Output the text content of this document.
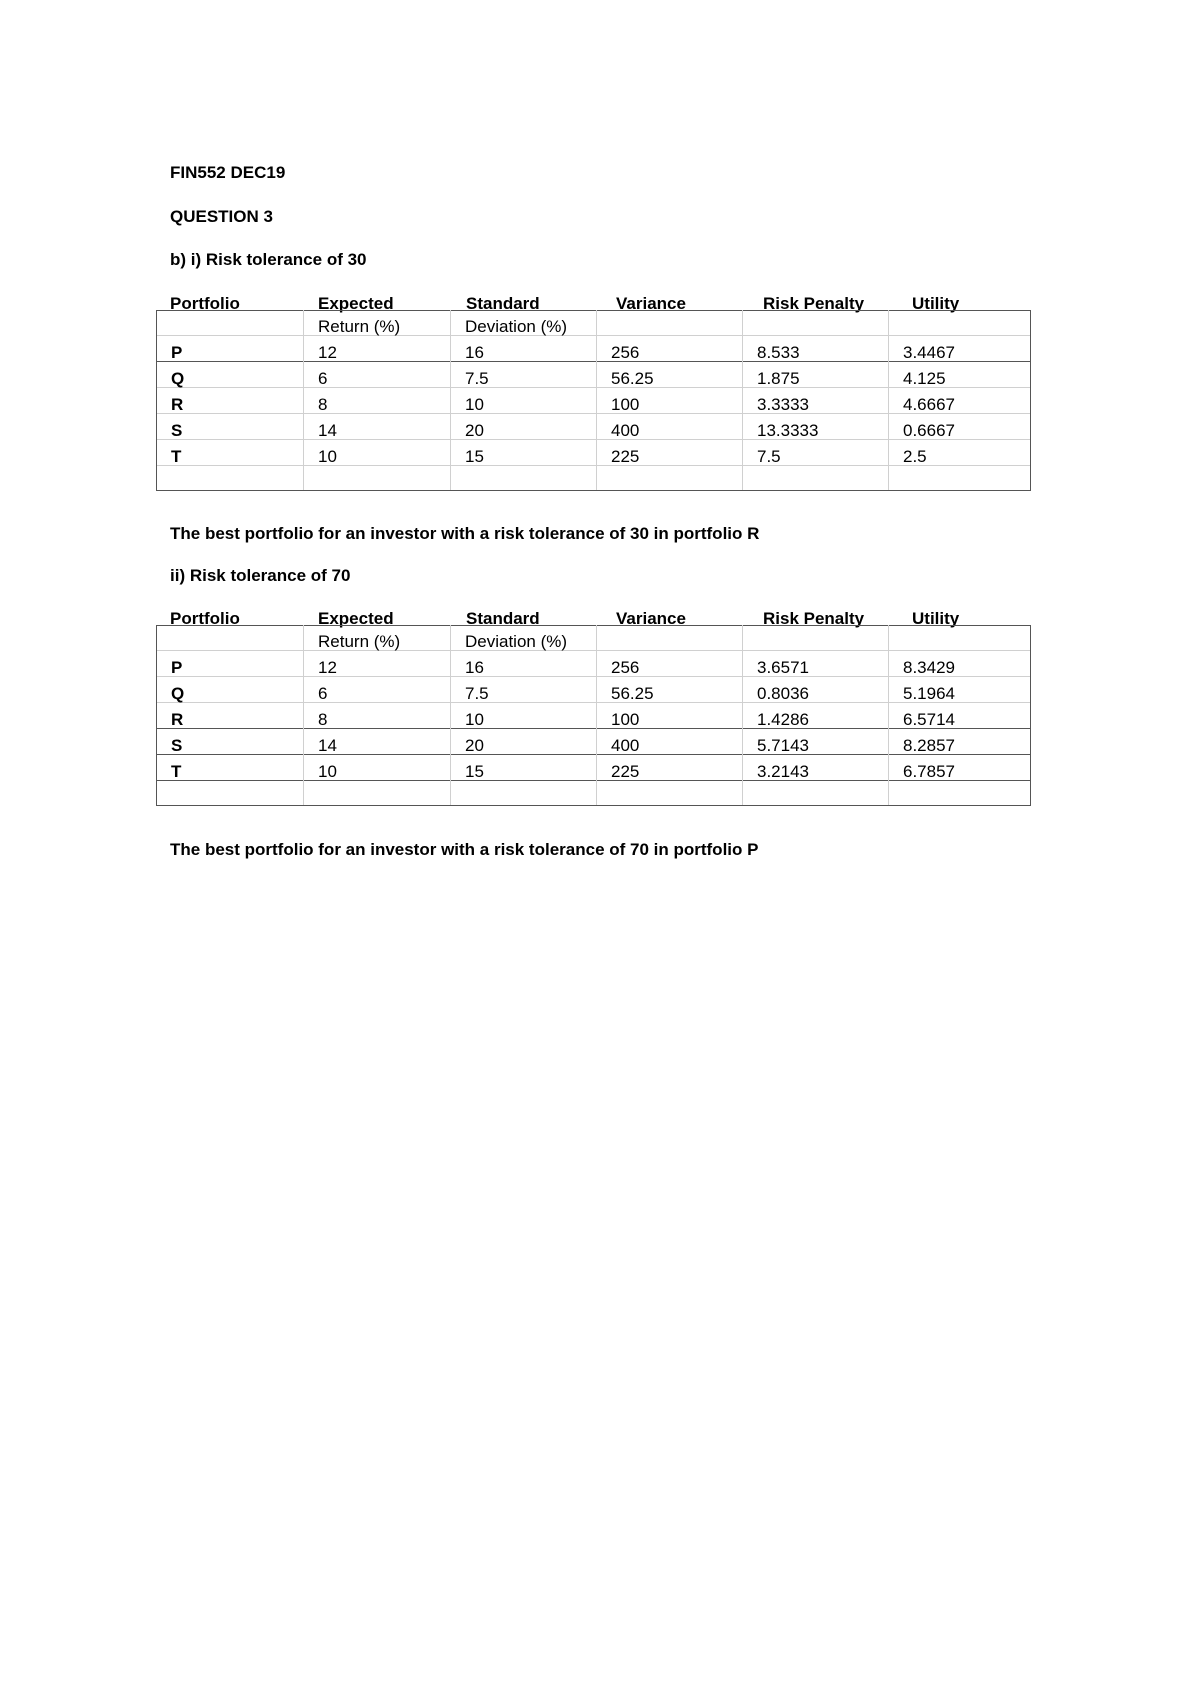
FIN552 DEC19
QUESTION 3
b) i) Risk tolerance of 30
Portfolio	Expected	Standard	Variance	Risk Penalty	Utility
	Return (%)	Deviation (%)			
P	12	16	256	8.533	3.4467
Q	6	7.5	56.25	1.875	4.125
R	8	10	100	3.3333	4.6667
S	14	20	400	13.3333	0.6667
T	10	15	225	7.5	2.5

The best portfolio for an investor with a risk tolerance of 30 in portfolio R
ii) Risk tolerance of 70
Portfolio	Expected	Standard	Variance	Risk Penalty	Utility
	Return (%)	Deviation (%)			
P	12	16	256	3.6571	8.3429
Q	6	7.5	56.25	0.8036	5.1964
R	8	10	100	1.4286	6.5714
S	14	20	400	5.7143	8.2857
T	10	15	225	3.2143	6.7857

The best portfolio for an investor with a risk tolerance of 70 in portfolio P
